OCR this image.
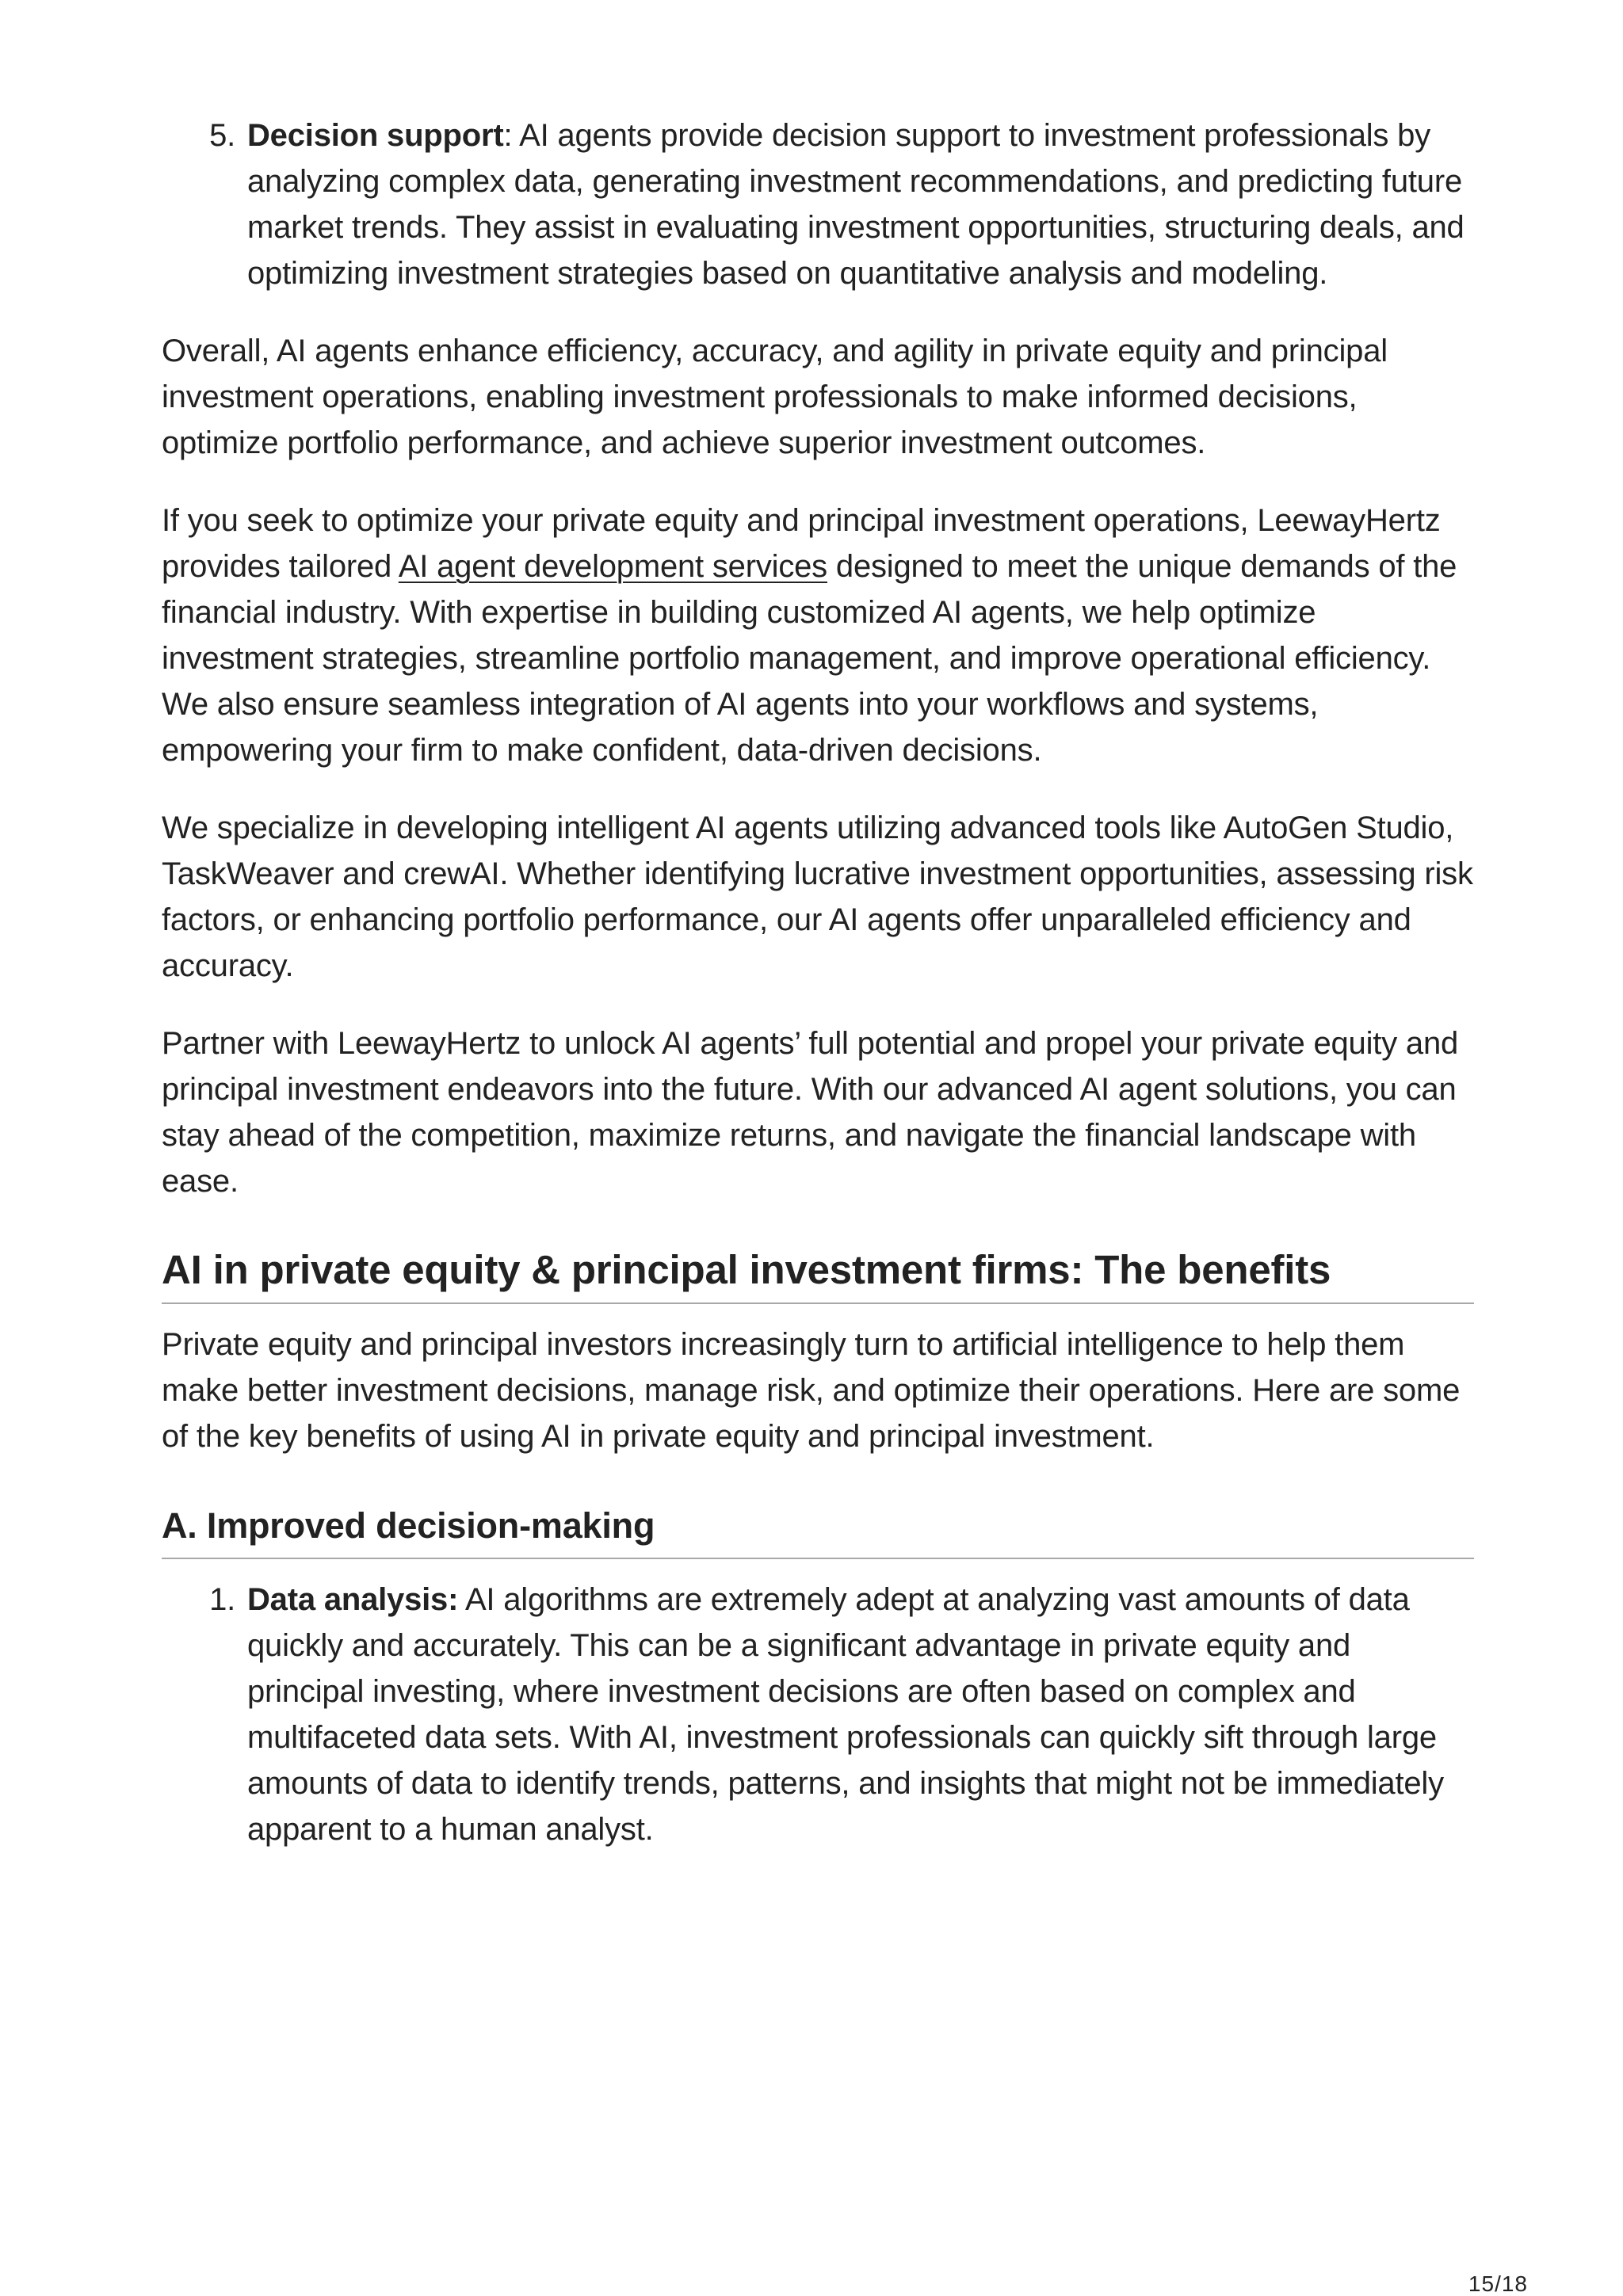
5. Decision support: AI agents provide decision support to investment professionals by analyzing complex data, generating investment recommendations, and predicting future market trends. They assist in evaluating investment opportunities, structuring deals, and optimizing investment strategies based on quantitative analysis and modeling.

Overall, AI agents enhance efficiency, accuracy, and agility in private equity and principal investment operations, enabling investment professionals to make informed decisions, optimize portfolio performance, and achieve superior investment outcomes.

If you seek to optimize your private equity and principal investment operations, LeewayHertz provides tailored AI agent development services designed to meet the unique demands of the financial industry. With expertise in building customized AI agents, we help optimize investment strategies, streamline portfolio management, and improve operational efficiency. We also ensure seamless integration of AI agents into your workflows and systems, empowering your firm to make confident, data-driven decisions.

We specialize in developing intelligent AI agents utilizing advanced tools like AutoGen Studio, TaskWeaver and crewAI. Whether identifying lucrative investment opportunities, assessing risk factors, or enhancing portfolio performance, our AI agents offer unparalleled efficiency and accuracy.

Partner with LeewayHertz to unlock AI agents’ full potential and propel your private equity and principal investment endeavors into the future. With our advanced AI agent solutions, you can stay ahead of the competition, maximize returns, and navigate the financial landscape with ease.

AI in private equity & principal investment firms: The benefits

Private equity and principal investors increasingly turn to artificial intelligence to help them make better investment decisions, manage risk, and optimize their operations. Here are some of the key benefits of using AI in private equity and principal investment.

A. Improved decision-making
1. Data analysis: AI algorithms are extremely adept at analyzing vast amounts of data quickly and accurately. This can be a significant advantage in private equity and principal investing, where investment decisions are often based on complex and multifaceted data sets. With AI, investment professionals can quickly sift through large amounts of data to identify trends, patterns, and insights that might not be immediately apparent to a human analyst.
15/18
